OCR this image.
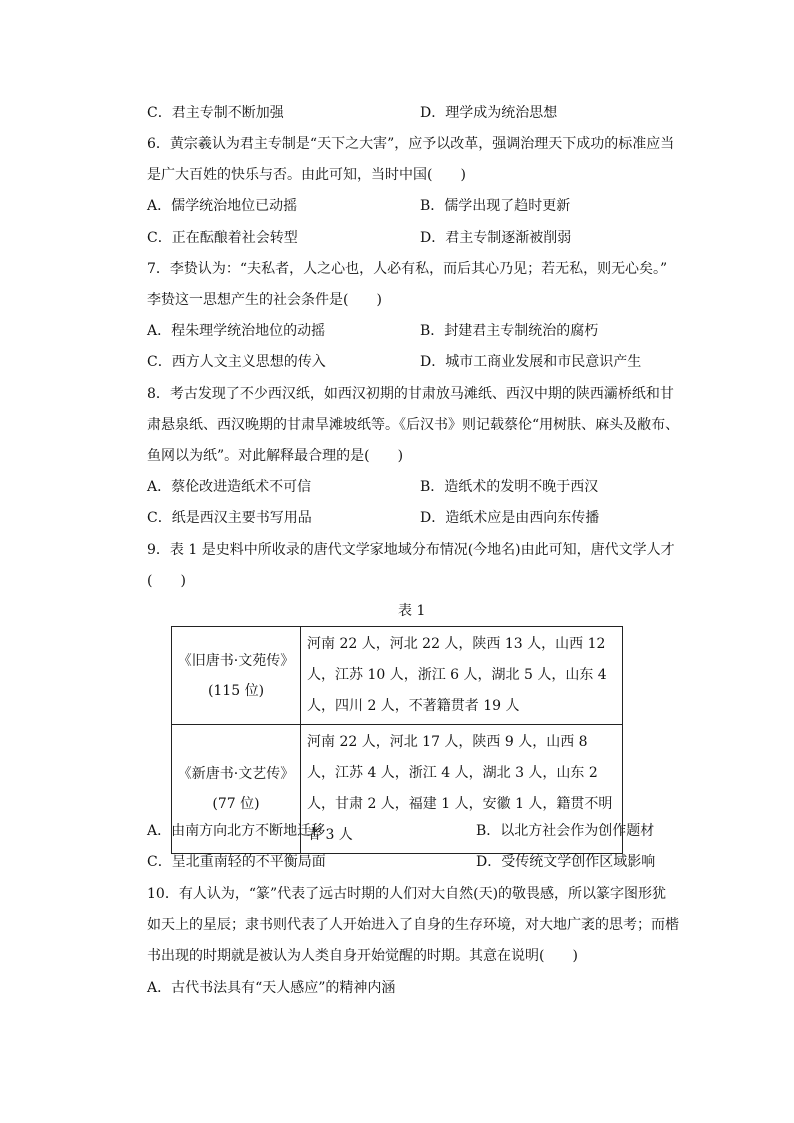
C．君主专制不断加强	D．理学成为统治思想
6．黄宗羲认为君主专制是“天下之大害”，应予以改革，强调治理天下成功的标准应当
是广大百姓的快乐与否。由此可知，当时中国(　　)
A．儒学统治地位已动摇	B．儒学出现了趋时更新
C．正在酝酿着社会转型	D．君主专制逐渐被削弱
7．李贽认为：“夫私者，人之心也，人必有私，而后其心乃见；若无私，则无心矣。”
李贽这一思想产生的社会条件是(　　)
A．程朱理学统治地位的动摇	B．封建君主专制统治的腐朽
C．西方人文主义思想的传入	D．城市工商业发展和市民意识产生
8．考古发现了不少西汉纸，如西汉初期的甘肃放马滩纸、西汉中期的陕西灞桥纸和甘
肃悬泉纸、西汉晚期的甘肃旱滩坡纸等。《后汉书》则记载蔡伦“用树肤、麻头及敝布、
鱼网以为纸”。对此解释最合理的是(　　)
A．蔡伦改进造纸术不可信	B．造纸术的发明不晚于西汉
C．纸是西汉主要书写用品	D．造纸术应是由西向东传播
9．表 1 是史料中所收录的唐代文学家地域分布情况(今地名)由此可知，唐代文学人才
(　　)
表 1
《旧唐书·文苑传》
(115 位)	河南 22 人，河北 22 人，陕西 13 人，山西 12 人，江苏 10 人，浙江 6 人，湖北 5 人，山东 4 人，四川 2 人，不著籍贯者 19 人

《新唐书·文艺传》
(77 位)	河南 22 人，河北 17 人，陕西 9 人，山西 8 人，江苏 4 人，浙江 4 人，湖北 3 人，山东 2 人，甘肃 2 人，福建 1 人，安徽 1 人，籍贯不明者 3 人
A．由南方向北方不断地迁移	B．以北方社会作为创作题材
C．呈北重南轻的不平衡局面	D．受传统文学创作区域影响
10．有人认为，“篆”代表了远古时期的人们对大自然(天)的敬畏感，所以篆字图形犹
如天上的星辰；隶书则代表了人开始进入了自身的生存环境，对大地广袤的思考；而楷
书出现的时期就是被认为人类自身开始觉醒的时期。其意在说明(　　)
A．古代书法具有“天人感应”的精神内涵
